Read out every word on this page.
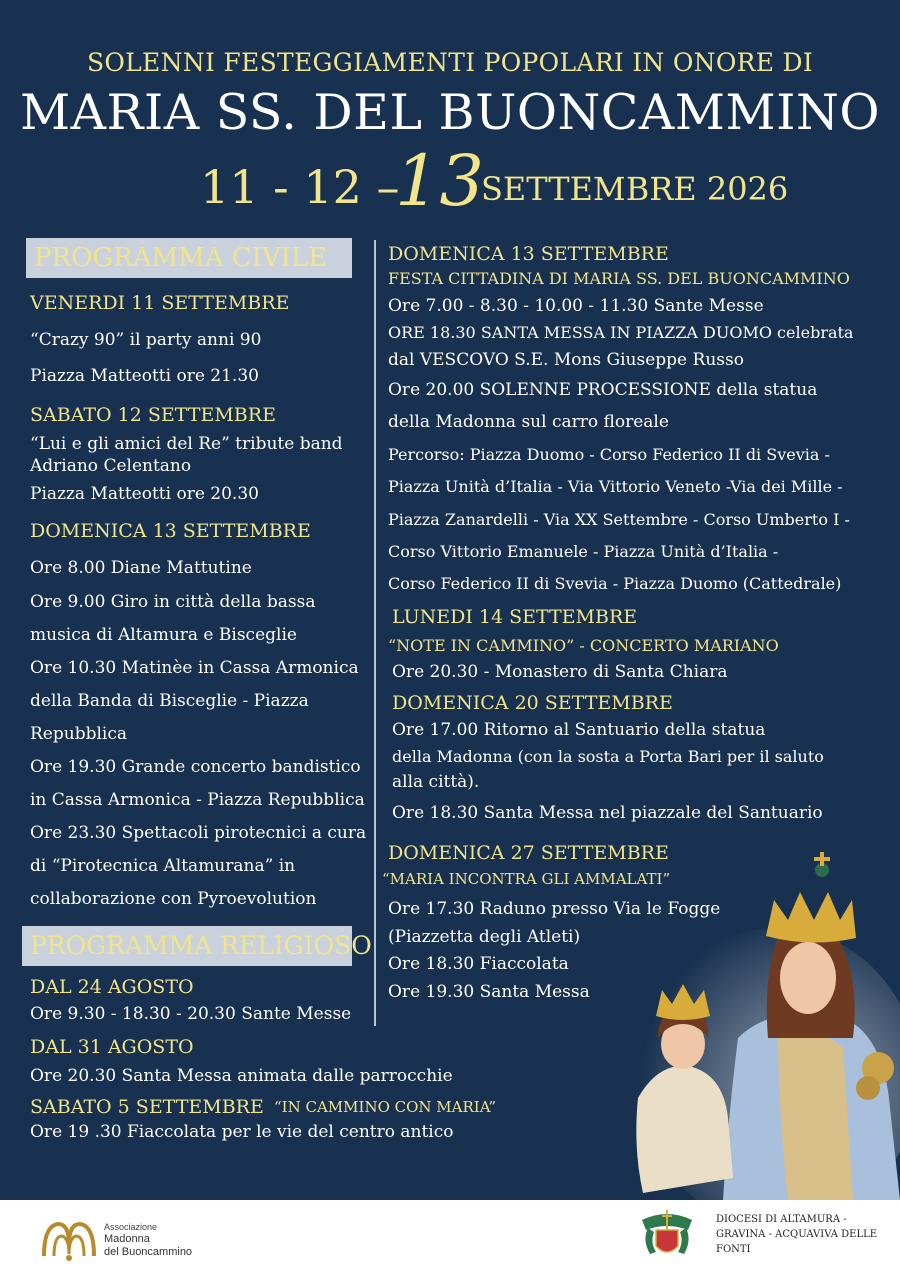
SOLENNI FESTEGGIAMENTI POPOLARI IN ONORE DI
MARIA SS. DEL BUONCAMMINO
11 - 12 –
13
SETTEMBRE 2026
PROGRAMMA CIVILE
VENERDI 11 SETTEMBRE
“Crazy 90” il party anni 90
Piazza Matteotti ore 21.30
SABATO 12 SETTEMBRE
“Lui e gli amici del Re” tribute band
Adriano Celentano
Piazza Matteotti ore 20.30
DOMENICA 13 SETTEMBRE
Ore 8.00 Diane Mattutine
Ore 9.00 Giro in città della bassa
musica di Altamura e Bisceglie
Ore 10.30 Matinèe in Cassa Armonica
della Banda di Bisceglie - Piazza
Repubblica
Ore 19.30 Grande concerto bandistico
in Cassa Armonica - Piazza Repubblica
Ore 23.30 Spettacoli pirotecnici a cura
di “Pirotecnica Altamurana” in
collaborazione con Pyroevolution
PROGRAMMA RELIGIOSO
DAL 24 AGOSTO
Ore 9.30 - 18.30 - 20.30 Sante Messe
DAL 31 AGOSTO
Ore 20.30 Santa Messa animata dalle parrocchie
SABATO 5 SETTEMBRE “IN CAMMINO CON MARIA”
Ore 19 .30 Fiaccolata per le vie del centro antico
DOMENICA 13 SETTEMBRE
FESTA CITTADINA DI MARIA SS. DEL BUONCAMMINO
Ore 7.00 - 8.30 - 10.00 - 11.30 Sante Messe
ORE 18.30 SANTA MESSA IN PIAZZA DUOMO celebrata
dal VESCOVO S.E. Mons Giuseppe Russo
Ore 20.00 SOLENNE PROCESSIONE della statua
della Madonna sul carro floreale
Percorso: Piazza Duomo - Corso Federico II di Svevia -
Piazza Unità d’Italia - Via Vittorio Veneto -Via dei Mille -
Piazza Zanardelli - Via XX Settembre - Corso Umberto I -
Corso Vittorio Emanuele - Piazza Unità d’Italia -
Corso Federico II di Svevia - Piazza Duomo (Cattedrale)
LUNEDI 14 SETTEMBRE
“NOTE IN CAMMINO” - CONCERTO MARIANO
Ore 20.30 - Monastero di Santa Chiara
DOMENICA 20 SETTEMBRE
Ore 17.00 Ritorno al Santuario della statua
della Madonna (con la sosta a Porta Bari per il saluto
alla città).
Ore 18.30 Santa Messa nel piazzale del Santuario
DOMENICA 27 SETTEMBRE
“MARIA INCONTRA GLI AMMALATI”
Ore 17.30 Raduno presso Via le Fogge
(Piazzetta degli Atleti)
Ore 18.30 Fiaccolata
Ore 19.30 Santa Messa
Associazione
Madonna
del Buoncammino
DIOCESI DI ALTAMURA -
GRAVINA - ACQUAVIVA DELLE
FONTI
